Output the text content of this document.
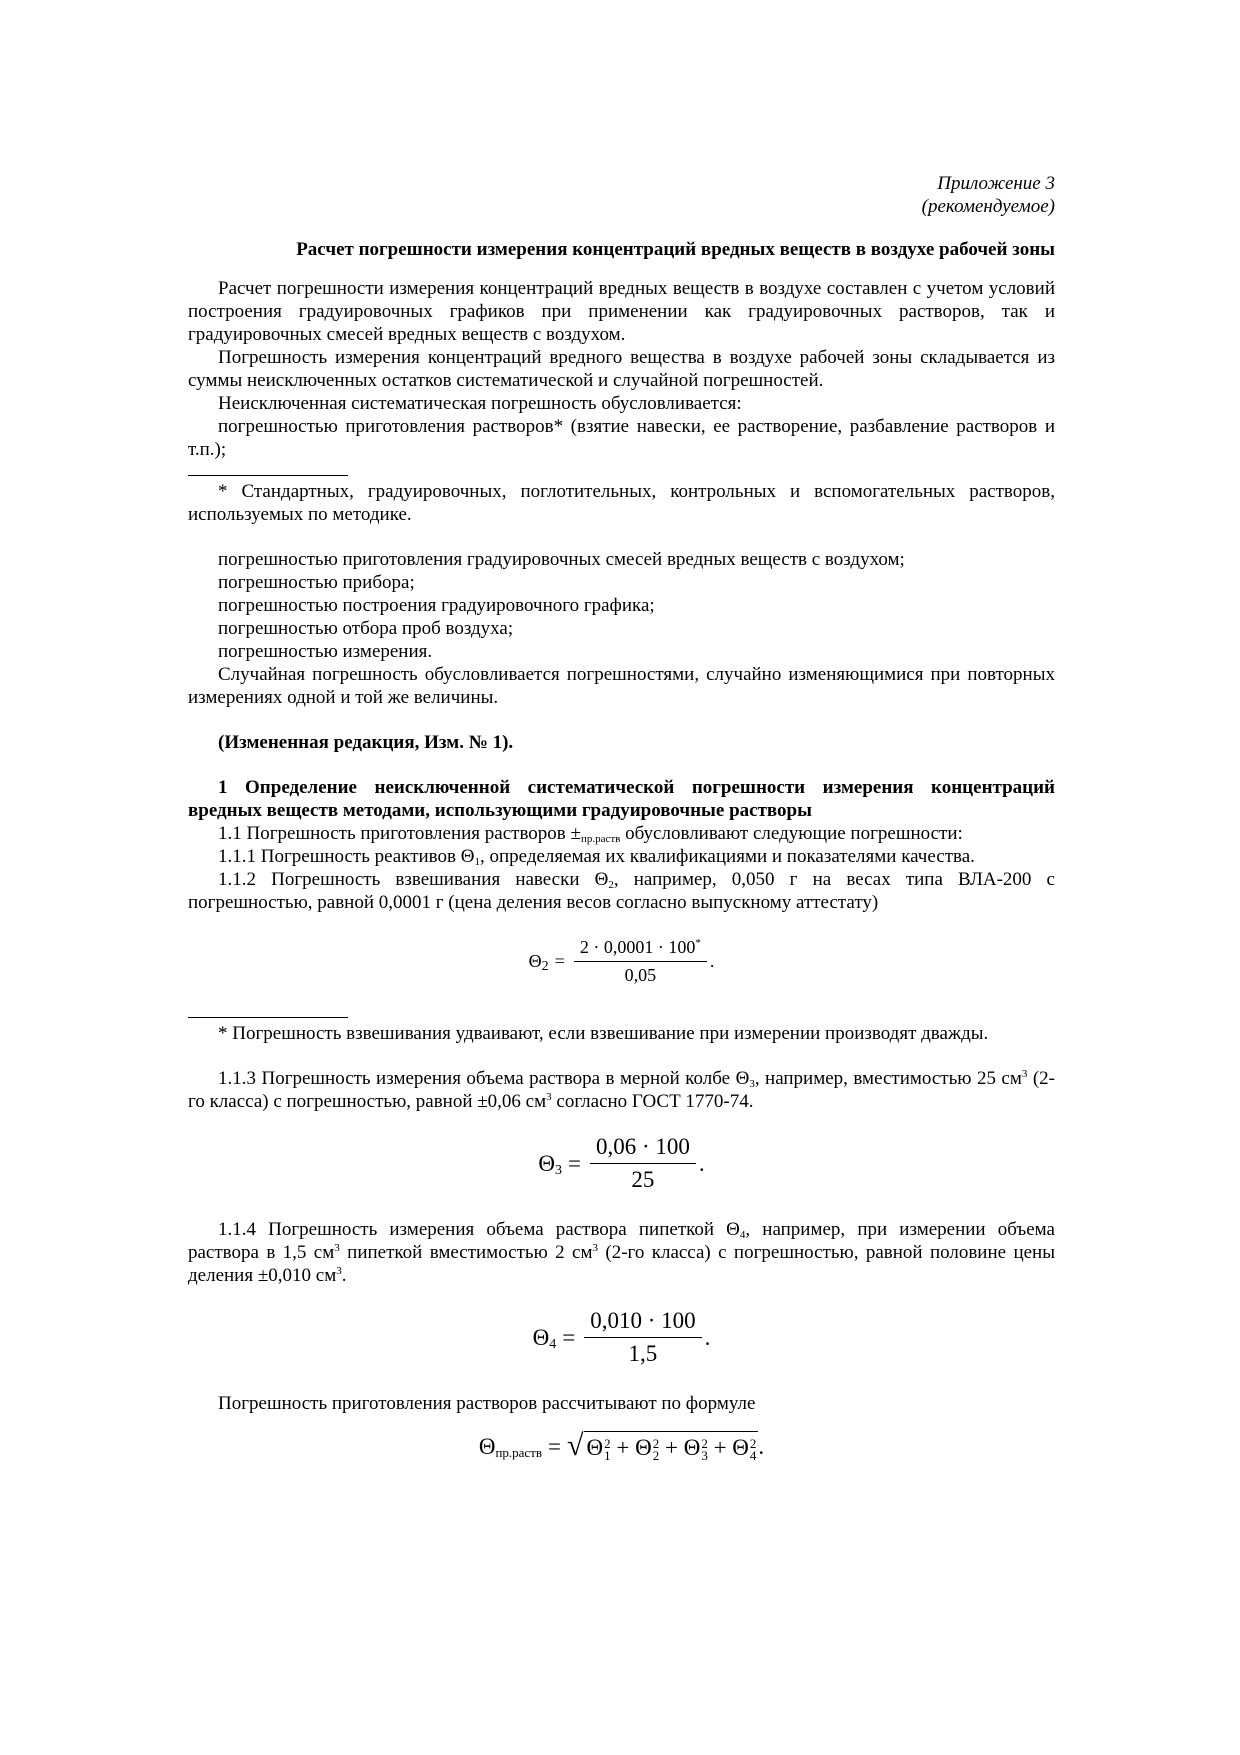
Приложение 3

(рекомендуемое)

Расчет погрешности измерения концентраций вредных веществ в воздухе рабочей зоны

Расчет погрешности измерения концентраций вредных веществ в воздухе составлен с учетом условий построения градуировочных графиков при применении как градуировочных растворов, так и градуировочных смесей вредных веществ с воздухом.

Погрешность измерения концентраций вредного вещества в воздухе рабочей зоны складывается из суммы неисключенных остатков систематической и случайной погрешностей.

Неисключенная систематическая погрешность обусловливается:

погрешностью приготовления растворов* (взятие навески, ее растворение, разбавление растворов и т.п.);

* Стандартных, градуировочных, поглотительных, контрольных и вспомогательных растворов, используемых по методике.

погрешностью приготовления градуировочных смесей вредных веществ с воздухом;

погрешностью прибора;

погрешностью построения градуировочного графика;

погрешностью отбора проб воздуха;

погрешностью измерения.

Случайная погрешность обусловливается погрешностями, случайно изменяющимися при повторных измерениях одной и той же величины.

(Измененная редакция, Изм. № 1).

1 Определение неисключенной систематической погрешности измерения концентраций вредных веществ методами, использующими градуировочные растворы

1.1 Погрешность приготовления растворов $\pm_{пр.раств}$ обусловливают следующие погрешности:

1.1.1 Погрешность реактивов $\Theta_1$, определяемая их квалификациями и показателями качества.

1.1.2 Погрешность взвешивания навески $\Theta_2$, например, 0,050 г на весах типа ВЛА-200 с погрешностью, равной 0,0001 г (цена деления весов согласно выпускному аттестату)

$\Theta_2 = \frac{2 \cdot 0,0001 \cdot 100^*}{0,05}$ .

* Погрешность взвешивания удваивают, если взвешивание при измерении производят дважды.

1.1.3 Погрешность измерения объема раствора в мерной колбе $\Theta_3$, например, вместимостью 25 $см^3$ (2-го класса) с погрешностью, равной ±0,06 $см^3$ согласно ГОСТ 1770-74.

$\Theta_3 = \frac{0,06 \cdot 100}{25}$ .

1.1.4 Погрешность измерения объема раствора пипеткой $\Theta_4$, например, при измерении объема раствора в 1,5 $см^3$ пипеткой вместимостью 2 $см^3$ (2-го класса) с погрешностью, равной половине цены деления ±0,010 $см^3$.

$\Theta_4 = \frac{0,010 \cdot 100}{1,5}$ .

Погрешность приготовления растворов рассчитывают по формуле

$\Theta_{пр.раств}$ = √ Θ 2
1 + Θ 2
2 + Θ 2
3 + Θ 2
4 .
